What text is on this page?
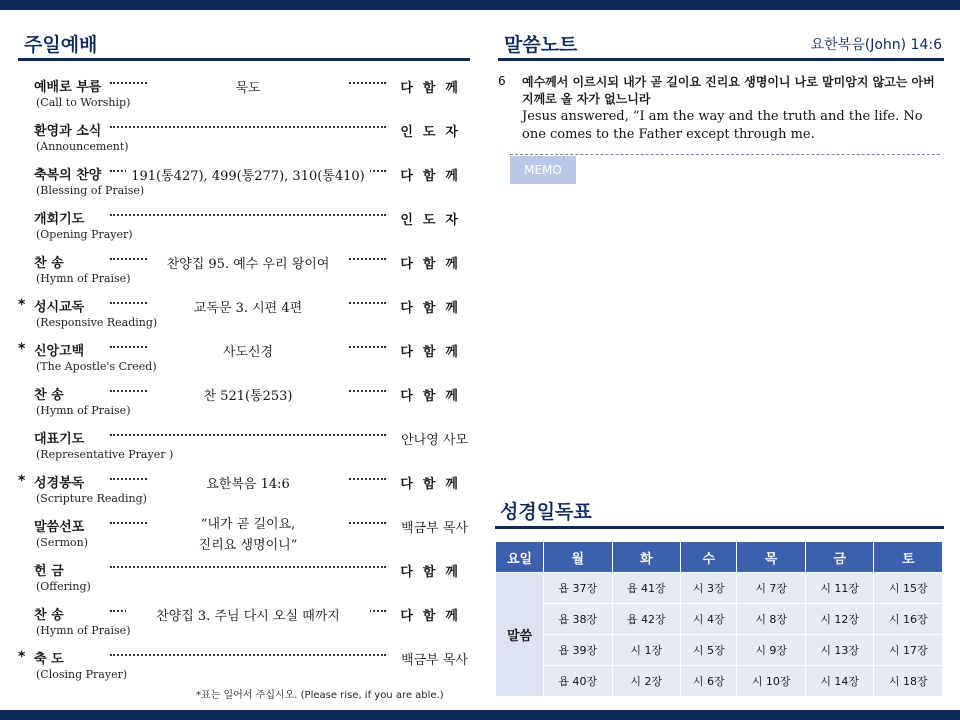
주일예배
예배로 부름	묵도	다함께
(Call to Worship)
환영과 소식	인도자
(Announcement)
축복의 찬양	191(통427), 499(통277), 310(통410)	다함께
(Blessing of Praise)
개회기도	인도자
(Opening Prayer)
찬 송	찬양집 95. 예수 우리 왕이여	다함께
(Hymn of Praise)
* 성시교독	교독문 3. 시편 4편	다함께
(Responsive Reading)
* 신앙고백	사도신경	다함께
(The Apostle's Creed)
찬 송	찬 521(통253)	다함께
(Hymn of Praise)
대표기도	안나영 사모
(Representative Prayer )
* 성경봉독	요한복음 14:6	다함께
(Scripture Reading)
말씀선포	“내가 곧 길이요,
진리요 생명이니”
백금부 목사
(Sermon)
헌 금	다함께
(Offering)
찬 송	찬양집 3. 주님 다시 오실 때까지	다함께
(Hymn of Praise)
* 축 도	백금부 목사
(Closing Prayer)
*표는 일어서 주십시오. (Please rise, if you are able.)
말씀노트	요한복음(John) 14:6
6 예수께서 이르시되 내가 곧 길이요 진리요 생명이니 나로 말미암지 않고는 아버지께로 올 자가 없느니라
Jesus answered, “I am the way and the truth and the life. No one comes to the Father except through me.
MEMO
성경일독표
요일	월	화	수	목	금	토
말씀	욥 37장	욥 41장	시 3장	시 7장	시 11장	시 15장
	욥 38장	욥 42장	시 4장	시 8장	시 12장	시 16장
	욥 39장	시 1장	시 5장	시 9장	시 13장	시 17장
	욥 40장	시 2장	시 6장	시 10장	시 14장	시 18장
